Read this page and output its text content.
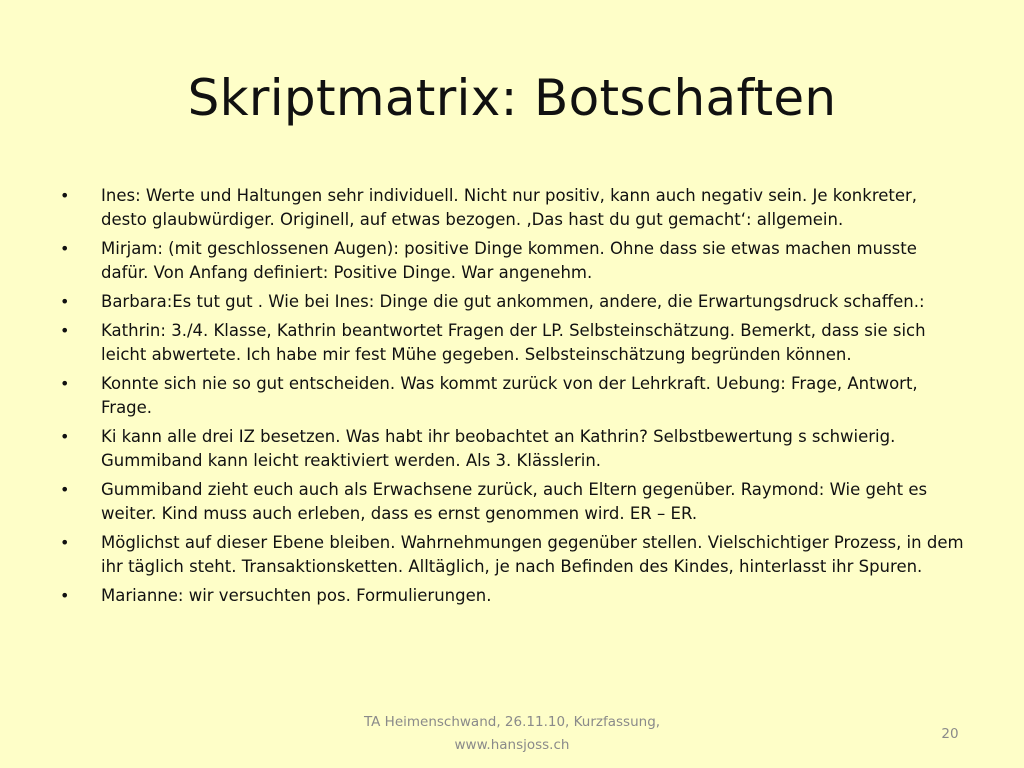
Skriptmatrix: Botschaften
• Ines: Werte und Haltungen sehr individuell. Nicht nur positiv, kann auch negativ sein. Je konkreter, desto glaubwürdiger. Originell, auf etwas bezogen. ‚Das hast du gut gemacht‘: allgemein.
• Mirjam: (mit geschlossenen Augen): positive Dinge kommen. Ohne dass sie etwas machen musste dafür. Von Anfang definiert: Positive Dinge. War angenehm.
• Barbara:Es tut gut . Wie bei Ines: Dinge die gut ankommen, andere, die Erwartungsdruck schaffen.:
• Kathrin: 3./4. Klasse, Kathrin beantwortet Fragen der LP. Selbsteinschätzung. Bemerkt, dass sie sich leicht abwertete. Ich habe mir fest Mühe gegeben. Selbsteinschätzung begründen können.
• Konnte sich nie so gut entscheiden. Was kommt zurück von der Lehrkraft. Uebung: Frage, Antwort, Frage.
• Ki kann alle drei IZ besetzen. Was habt ihr beobachtet an Kathrin? Selbstbewertung s schwierig. Gummiband kann leicht reaktiviert werden. Als 3. Klässlerin.
• Gummiband zieht euch auch als Erwachsene zurück, auch Eltern gegenüber. Raymond: Wie geht es weiter. Kind muss auch erleben, dass es ernst genommen wird. ER – ER.
• Möglichst auf dieser Ebene bleiben. Wahrnehmungen gegenüber stellen. Vielschichtiger Prozess, in dem ihr täglich steht. Transaktionsketten. Alltäglich, je nach Befinden des Kindes, hinterlasst ihr Spuren.
• Marianne: wir versuchten pos. Formulierungen.
TA Heimenschwand, 26.11.10, Kurzfassung,
www.hansjoss.ch
20
